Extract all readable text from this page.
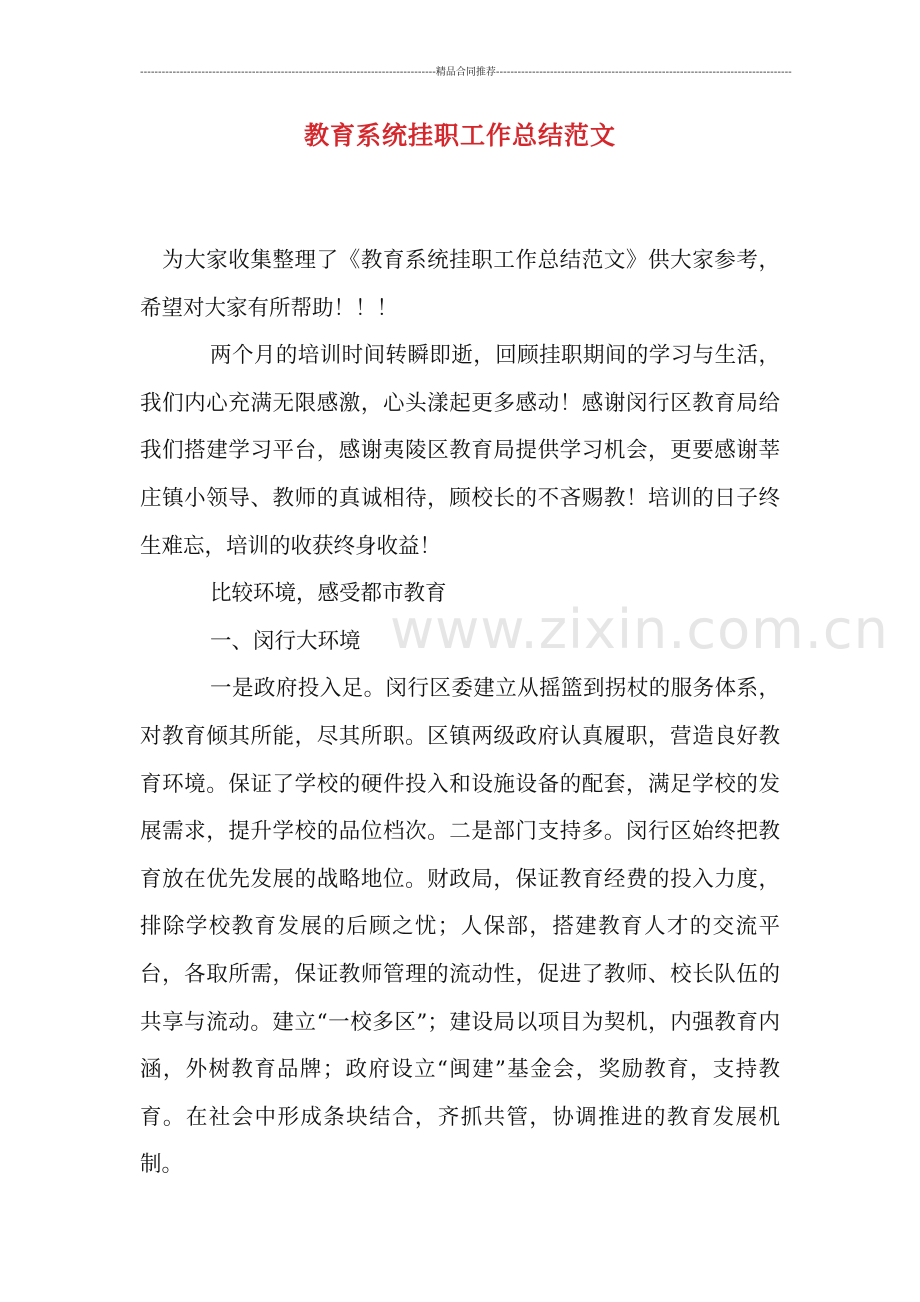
----------------------------------------------------------------------------------精品合同推荐----------------------------------------------------------------------------------
教育系统挂职工作总结范文
www.zixin.com.cn

为大家收集整理了《教育系统挂职工作总结范文》供大家参考，希望对大家有所帮助！！！

两个月的培训时间转瞬即逝，回顾挂职期间的学习与生活，我们内心充满无限感激，心头漾起更多感动！感谢闵行区教育局给我们搭建学习平台，感谢夷陵区教育局提供学习机会，更要感谢莘庄镇小领导、教师的真诚相待，顾校长的不吝赐教！培训的日子终生难忘，培训的收获终身收益！

比较环境，感受都市教育

一、闵行大环境

一是政府投入足。闵行区委建立从摇篮到拐杖的服务体系，对教育倾其所能，尽其所职。区镇两级政府认真履职，营造良好教育环境。保证了学校的硬件投入和设施设备的配套，满足学校的发展需求，提升学校的品位档次。二是部门支持多。闵行区始终把教育放在优先发展的战略地位。财政局，保证教育经费的投入力度，排除学校教育发展的后顾之忧；人保部，搭建教育人才的交流平台，各取所需，保证教师管理的流动性，促进了教师、校长队伍的共享与流动。建立“一校多区”；建设局以项目为契机，内强教育内涵，外树教育品牌；政府设立“闽建”基金会，奖励教育，支持教育。在社会中形成条块结合，齐抓共管，协调推进的教育发展机制。
